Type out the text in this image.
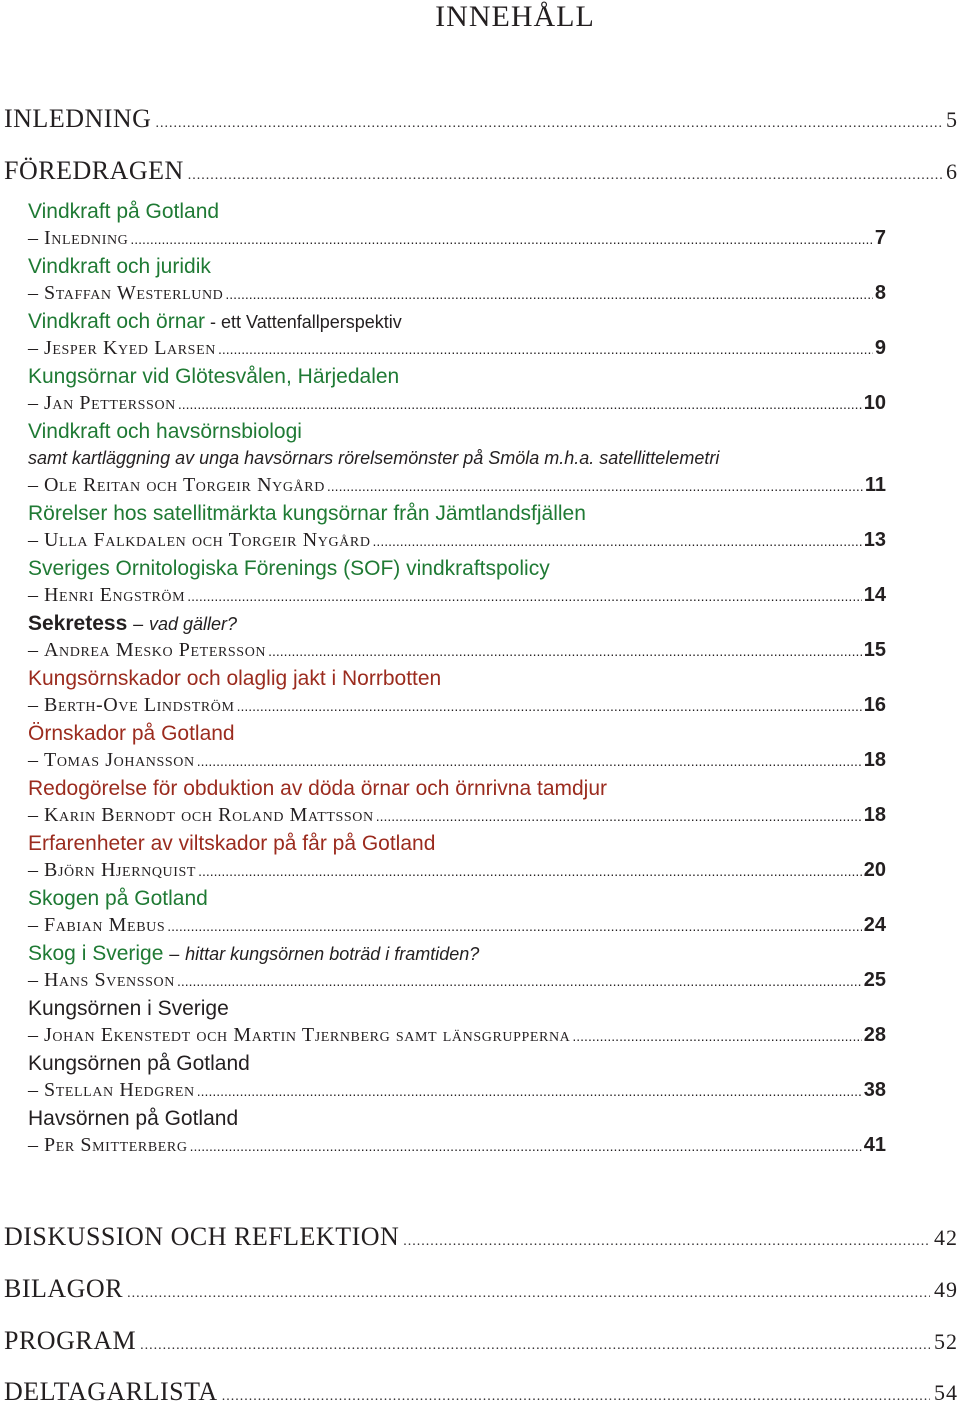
INNEHÅLL
INLEDNING .....	5
FÖREDRAGEN .....	6
Vindkraft på Gotland
– Inledning .....	7
Vindkraft och juridik
– Staffan Westerlund .....	8
Vindkraft och örnar - ett Vattenfallperspektiv
– Jesper Kyed Larsen .....	9
Kungsörnar vid Glötesvålen, Härjedalen
– Jan Pettersson .....	10
Vindkraft och havsörnsbiologi
samt kartläggning av unga havsörnars rörelsemönster på Smöla m.h.a. satellittelemetri
– Ole Reitan och Torgeir Nygård .....	11
Rörelser hos satellitmärkta kungsörnar från Jämtlandsfjällen
– Ulla Falkdalen och Torgeir Nygård .....	13
Sveriges Ornitologiska Förenings (SOF) vindkraftspolicy
– Henri Engström .....	14
Sekretess – vad gäller?
– Andrea Mesko Petersson .....	15
Kungsörnskador och olaglig jakt i Norrbotten
– Berth-Ove Lindström .....	16
Örnskador på Gotland
– Tomas Johansson .....	18
Redogörelse för obduktion av döda örnar och örnrivna tamdjur
– Karin Bernodt och Roland Mattsson .....	18
Erfarenheter av viltskador på får på Gotland
– Björn Hjernquist .....	20
Skogen på Gotland
– Fabian Mebus .....	24
Skog i Sverige – hittar kungsörnen boträd i framtiden?
– Hans Svensson .....	25
Kungsörnen i Sverige
– Johan Ekenstedt och Martin Tjernberg samt länsgrupperna .....	28
Kungsörnen på Gotland
– Stellan Hedgren .....	38
Havsörnen på Gotland
– Per Smitterberg .....	41
DISKUSSION OCH REFLEKTION .....	42
BILAGOR .....	49
PROGRAM .....	52
DELTAGARLISTA .....	54
